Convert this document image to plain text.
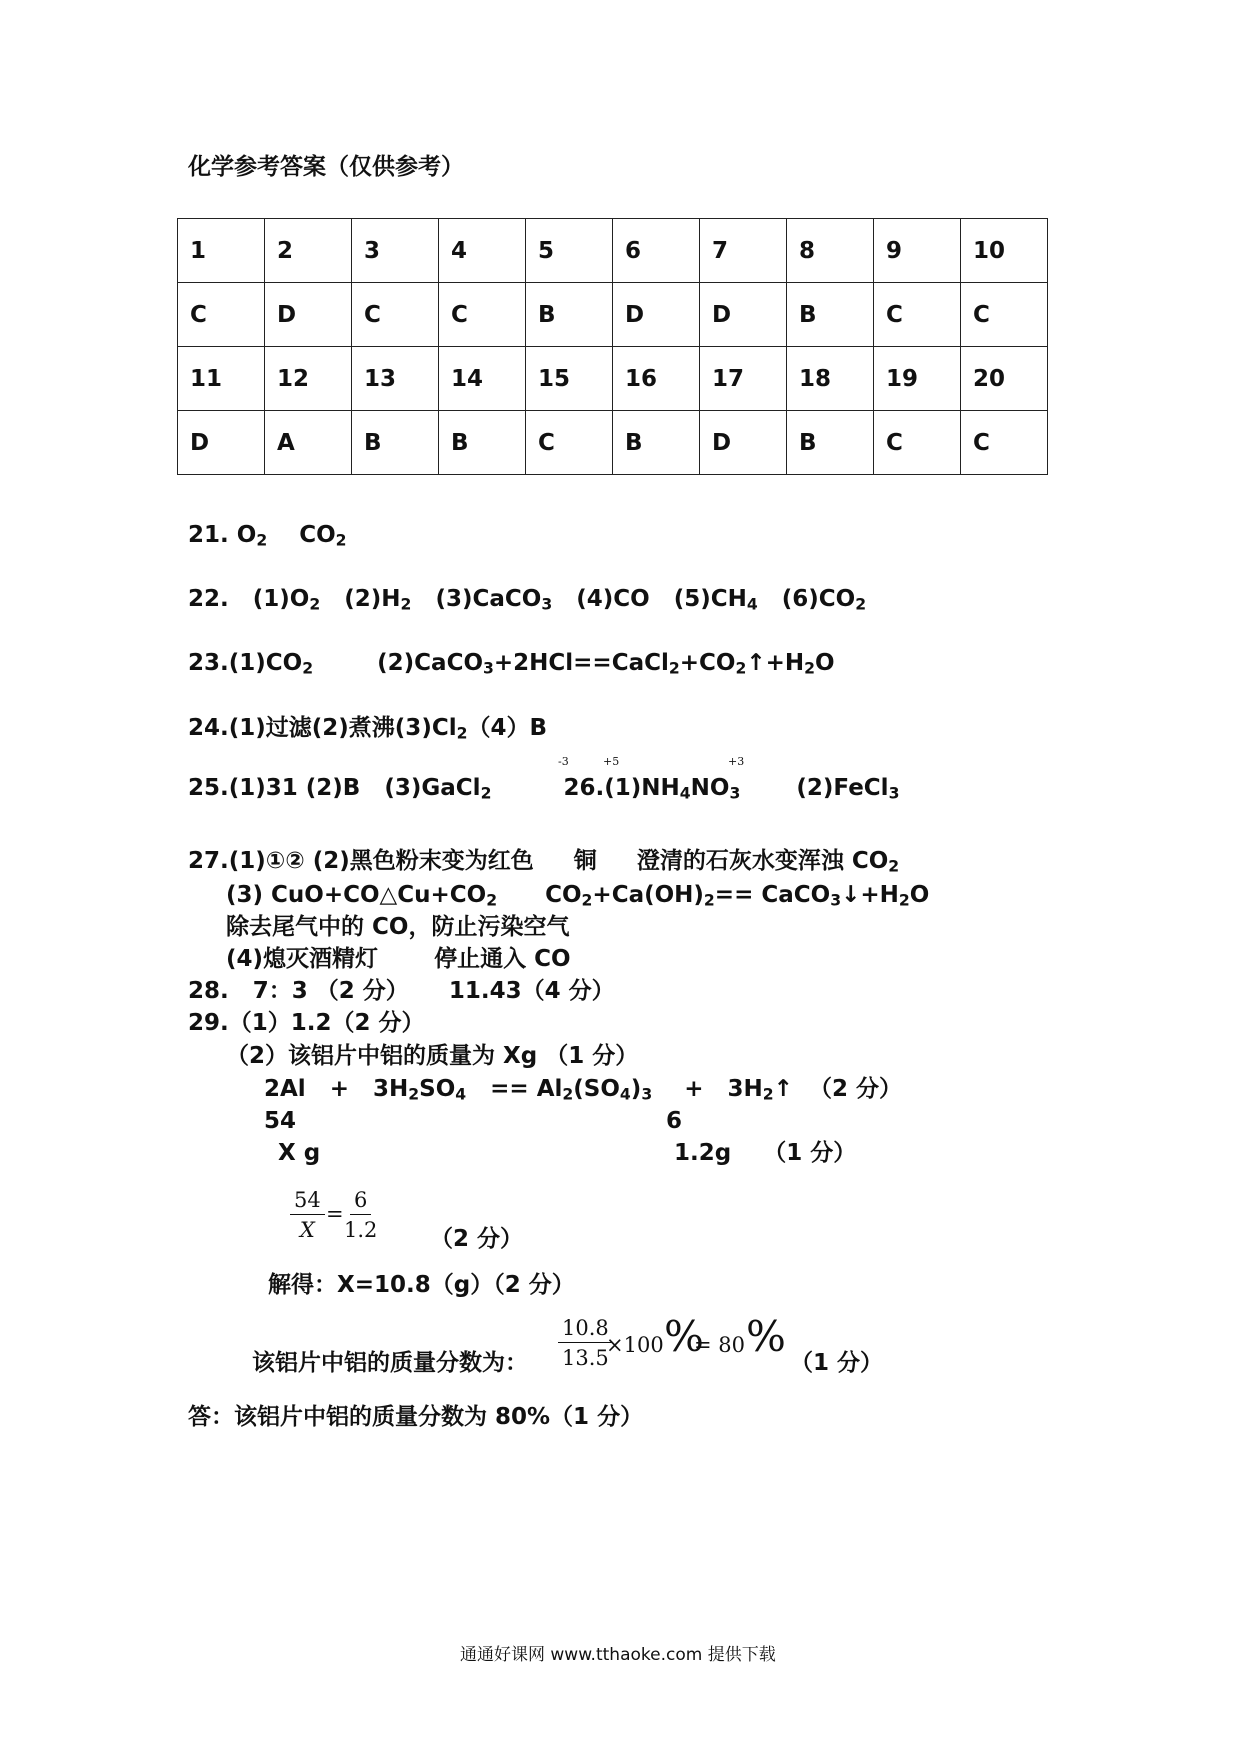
化学参考答案（仅供参考）
1	2	3	4	5	6	7	8	9	10
C	D	C	C	B	D	D	B	C	C
11	12	13	14	15	16	17	18	19	20
D	A	B	B	C	B	D	B	C	C
21. $O_2$    $CO_2$
22.   $(1)O_2$   $(2)H_2$   (3)CaCO$_3$   (4)CO   $(5)CH_4$   $(6)CO_2$
$23.(1)CO_2$        $(2)CaCO_3+2HCl==CaCl_2+CO_2↑+H_2O$
24.(1)过滤(2)煮沸$(3)Cl_2(4)B$
-3	+5	+3
25.(1)31 (2)B   (3)GaCl$_2$         $26.(1)NH_4NO_3$       (2)FeCl$_3$
27.(1)①② (2)黑色粉末变为红色     铜     澄清的石灰水变浑浊 $CO_2$
(3) $CuO+CO\triangle Cu+CO_2$      $CO_2+Ca(OH)_2==$ $CaCO_3↓+H_2O$
除去尾气中的 CO，防止污染空气
(4)熄灭酒精灯       停止通入 CO
28.   7：3 （2 分）     11.43（4 分）
29.（1）1.2（2 分）
（2）该铝片中铝的质量为 Xg （1 分）
$2Al + 3H_2SO_4 == Al_2(SO_4)_3$    +   $3H_2↑$  （2 分）
54	6
X g	1.2g （1 分）
$\frac{54}{X} = \frac{6}{1.2} (2$ 分）
解得：X=10.8（g）（2 分）
$\frac{10.8}{13.5}$
×100 %
= 80 %
该铝片中铝的质量分数为：	（1 分）
答：该铝片中铝的质量分数为 80%（1 分）
通通好课网 www.tthaoke.com 提供下载
